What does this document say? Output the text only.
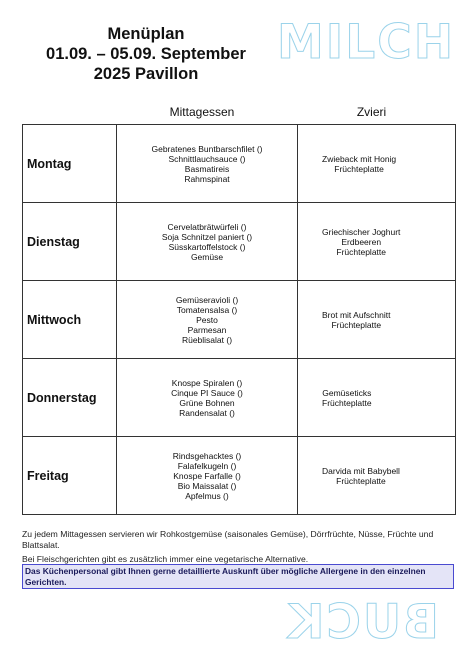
Menüplan
01.09. – 05.09. September
2025 Pavillon
MILCH
BUCK
Mittagessen	Zvieri
Montag	Gebratenes Buntbarschfilet ()
Schnittlauchsauce ()
Basmatireis
Rahmspinat	Zwieback mit Honig
Früchteplatte

Dienstag	Cervelatbrätwürfeli ()
Soja Schnitzel paniert ()
Süsskartoffelstock ()
Gemüse	Griechischer Joghurt
Erdbeeren
Früchteplatte

Mittwoch	Gemüseravioli ()
Tomatensalsa ()
Pesto
Parmesan
Rüeblisalat ()	Brot mit Aufschnitt
Früchteplatte

Donnerstag	Knospe Spiralen ()
Cinque PI Sauce ()
Grüne Bohnen
Randensalat ()	Gemüseticks
Früchteplatte

Freitag	Rindsgehacktes ()
Falafelkugeln ()
Knospe Farfalle ()
Bio Maissalat ()
Apfelmus ()	Darvida mit Babybell
Früchteplatte

Zu jedem Mittagessen servieren wir Rohkostgemüse (saisonales Gemüse), Dörrfrüchte, Nüsse, Früchte und Blattsalat.

Bei Fleischgerichten gibt es zusätzlich immer eine vegetarische Alternative.

Das Küchenpersonal gibt Ihnen gerne detaillierte Auskunft über mögliche Allergene in den einzelnen Gerichten.
